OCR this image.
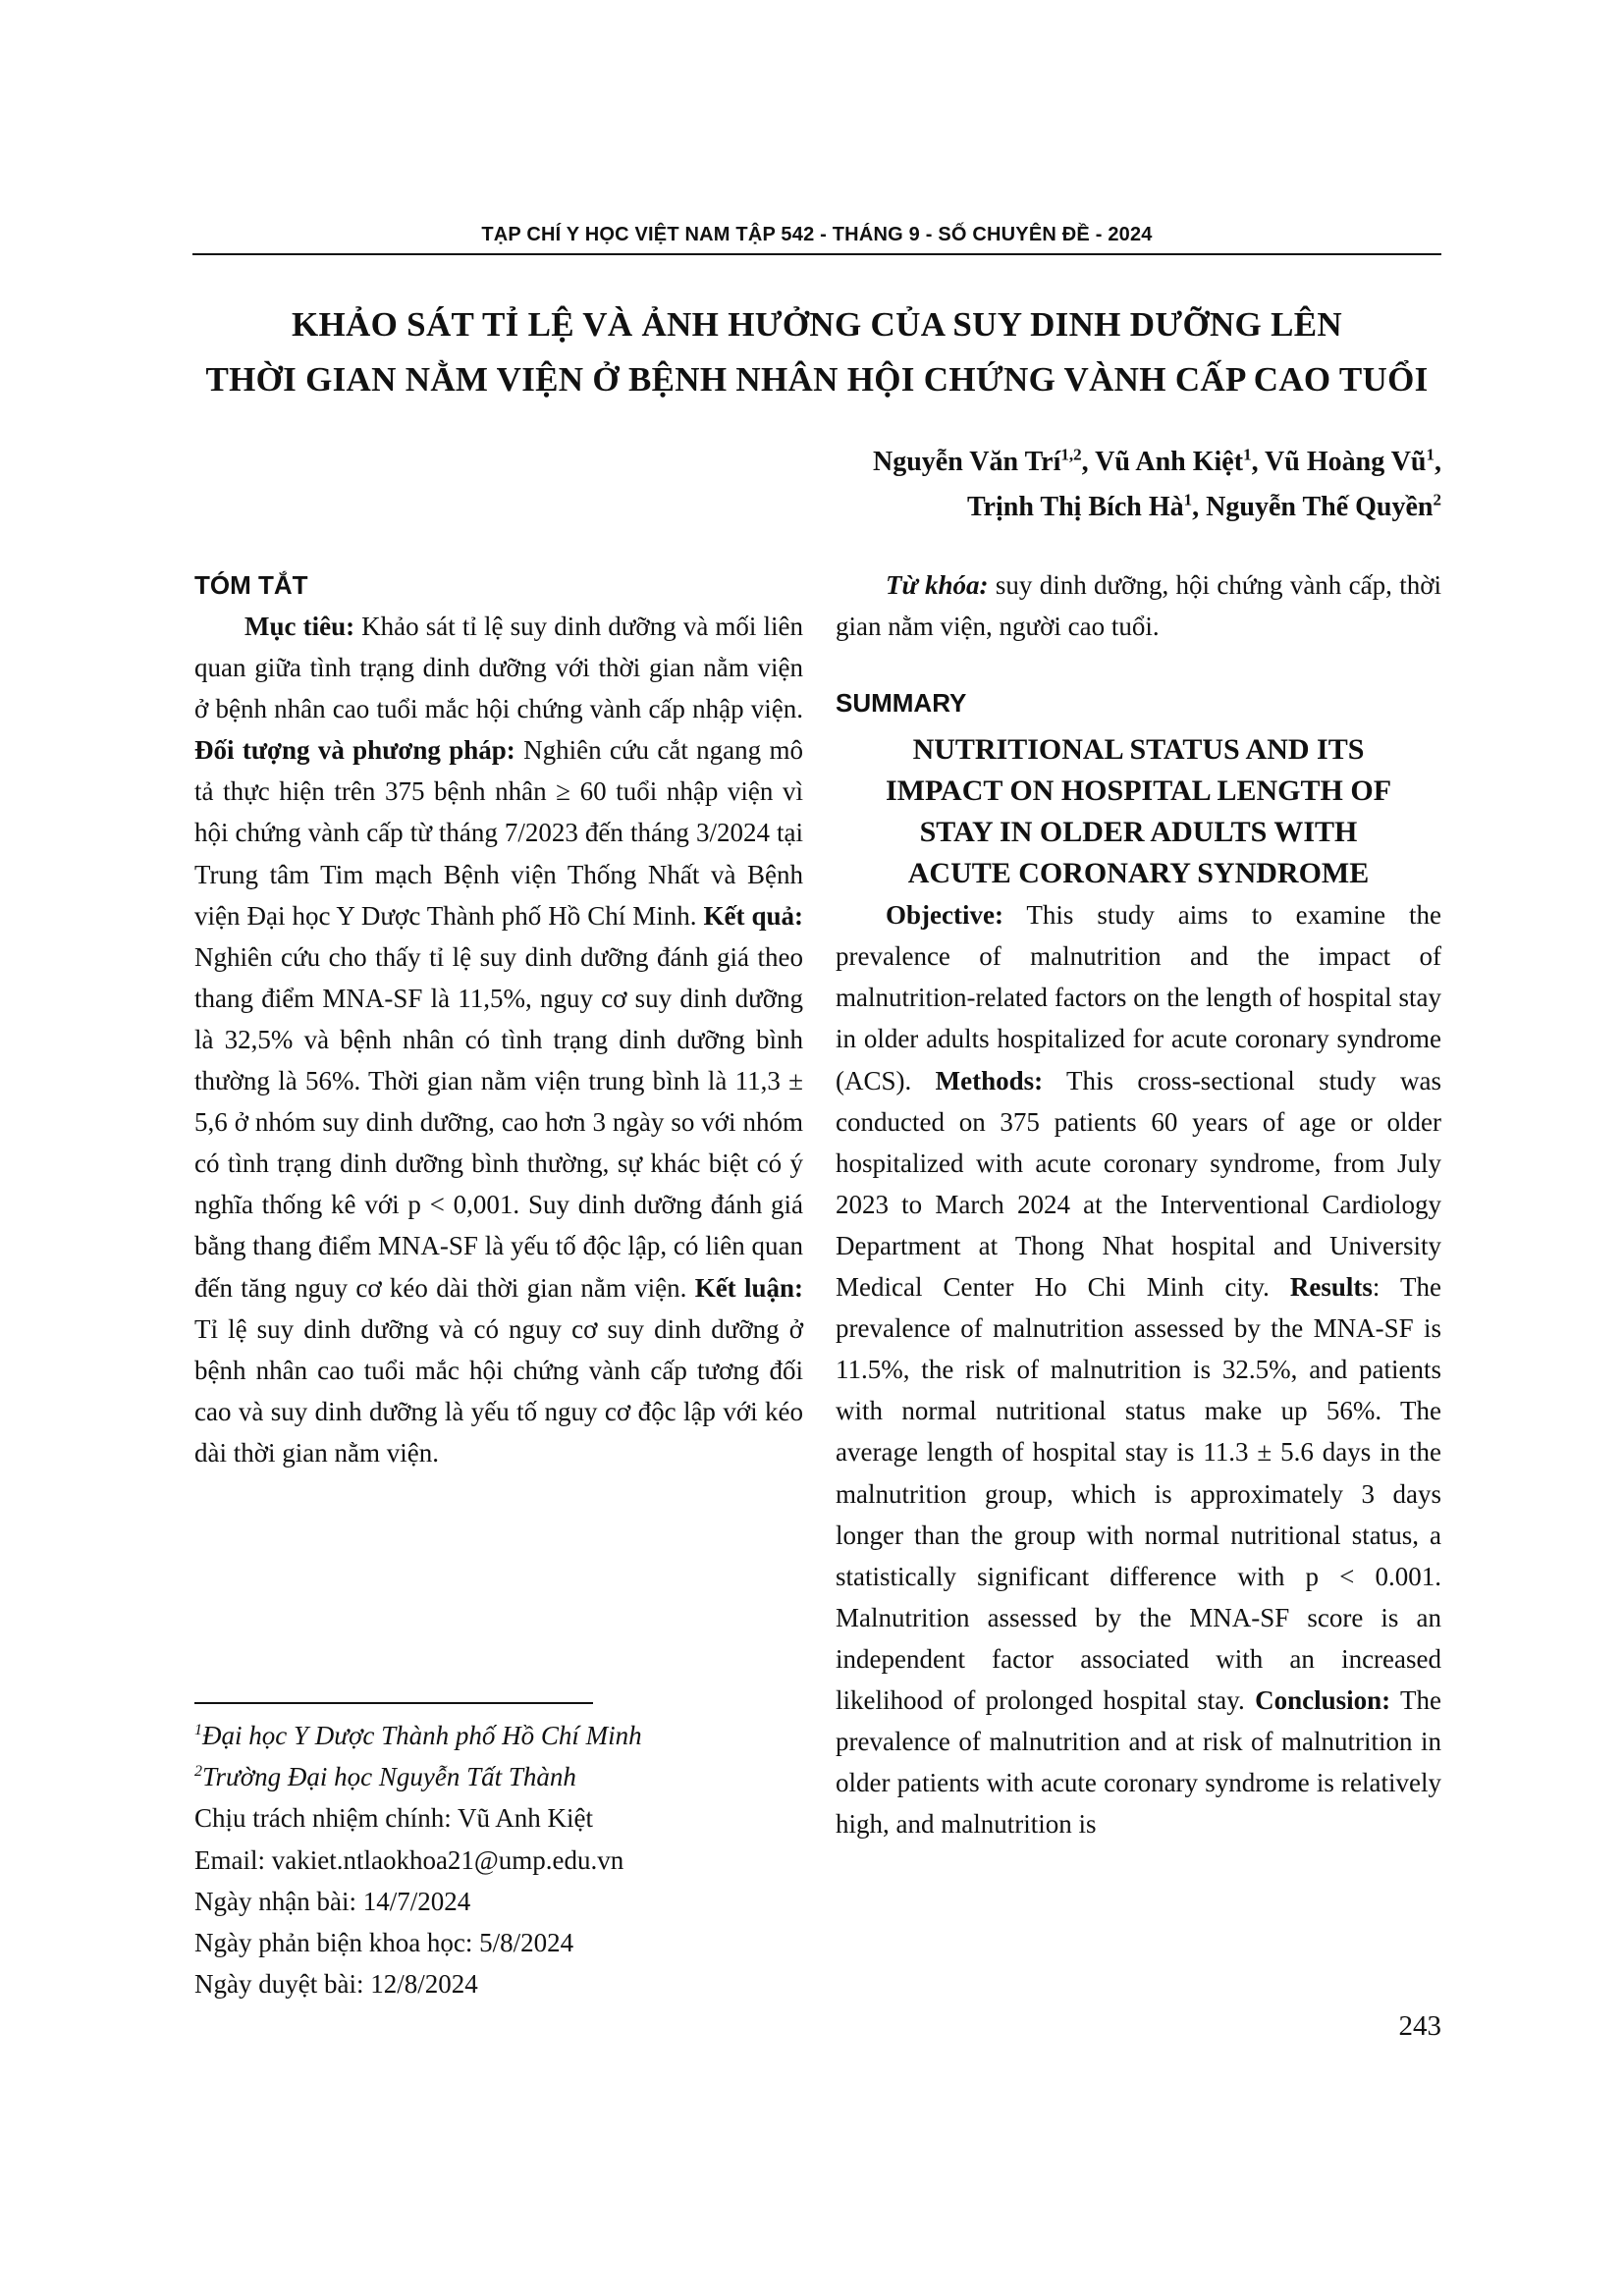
TẠP CHÍ Y HỌC VIỆT NAM TẬP 542 - THÁNG 9 - SỐ CHUYÊN ĐỀ - 2024
KHẢO SÁT TỈ LỆ VÀ ẢNH HƯỞNG CỦA SUY DINH DƯỠNG LÊN
THỜI GIAN NẰM VIỆN Ở BỆNH NHÂN HỘI CHỨNG VÀNH CẤP CAO TUỔI
Nguyễn Văn Trí$^{1,2}$, Vũ Anh Kiệt$^1$, Vũ Hoàng $Vũ^1$,
Trịnh Thị Bích $Hà^1$, Nguyễn Thế Quyền$^2$
TÓM TẮT

Mục tiêu: Khảo sát tỉ lệ suy dinh dưỡng và mối liên quan giữa tình trạng dinh dưỡng với thời gian nằm viện ở bệnh nhân cao tuổi mắc hội chứng vành cấp nhập viện. Đối tượng và phương pháp: Nghiên cứu cắt ngang mô tả thực hiện trên 375 bệnh nhân ≥ 60 tuổi nhập viện vì hội chứng vành cấp từ tháng 7/2023 đến tháng 3/2024 tại Trung tâm Tim mạch Bệnh viện Thống Nhất và Bệnh viện Đại học Y Dược Thành phố Hồ Chí Minh. Kết quả: Nghiên cứu cho thấy tỉ lệ suy dinh dưỡng đánh giá theo thang điểm MNA-SF là 11,5%, nguy cơ suy dinh dưỡng là 32,5% và bệnh nhân có tình trạng dinh dưỡng bình thường là 56%. Thời gian nằm viện trung bình là 11,3 ± 5,6 ở nhóm suy dinh dưỡng, cao hơn 3 ngày so với nhóm có tình trạng dinh dưỡng bình thường, sự khác biệt có ý nghĩa thống kê với p < 0,001. Suy dinh dưỡng đánh giá bằng thang điểm MNA-SF là yếu tố độc lập, có liên quan đến tăng nguy cơ kéo dài thời gian nằm viện. Kết luận: Tỉ lệ suy dinh dưỡng và có nguy cơ suy dinh dưỡng ở bệnh nhân cao tuổi mắc hội chứng vành cấp tương đối cao và suy dinh dưỡng là yếu tố nguy cơ độc lập với kéo dài thời gian nằm viện.

$^1$Đại học Y Dược Thành phố Hồ Chí Minh
$^2$Trường Đại học Nguyễn Tất Thành
Chịu trách nhiệm chính: Vũ Anh Kiệt
Email: vakiet.ntlaokhoa21@ump.edu.vn
Ngày nhận bài: 14/7/2024
Ngày phản biện khoa học: 5/8/2024
Ngày duyệt bài: 12/8/2024

Từ khóa: suy dinh dưỡng, hội chứng vành cấp, thời gian nằm viện, người cao tuổi.

SUMMARY
NUTRITIONAL STATUS AND ITS
IMPACT ON HOSPITAL LENGTH OF
STAY IN OLDER ADULTS WITH
ACUTE CORONARY SYNDROME

Objective: This study aims to examine the prevalence of malnutrition and the impact of malnutrition-related factors on the length of hospital stay in older adults hospitalized for acute coronary syndrome (ACS). Methods: This cross-sectional study was conducted on 375 patients 60 years of age or older hospitalized with acute coronary syndrome, from July 2023 to March 2024 at the Interventional Cardiology Department at Thong Nhat hospital and University Medical Center Ho Chi Minh city. Results: The prevalence of malnutrition assessed by the MNA-SF is 11.5%, the risk of malnutrition is 32.5%, and patients with normal nutritional status make up 56%. The average length of hospital stay is 11.3 ± 5.6 days in the malnutrition group, which is approximately 3 days longer than the group with normal nutritional status, a statistically significant difference with p < 0.001. Malnutrition assessed by the MNA-SF score is an independent factor associated with an increased likelihood of prolonged hospital stay. Conclusion: The prevalence of malnutrition and at risk of malnutrition in older patients with acute coronary syndrome is relatively high, and malnutrition is

243
